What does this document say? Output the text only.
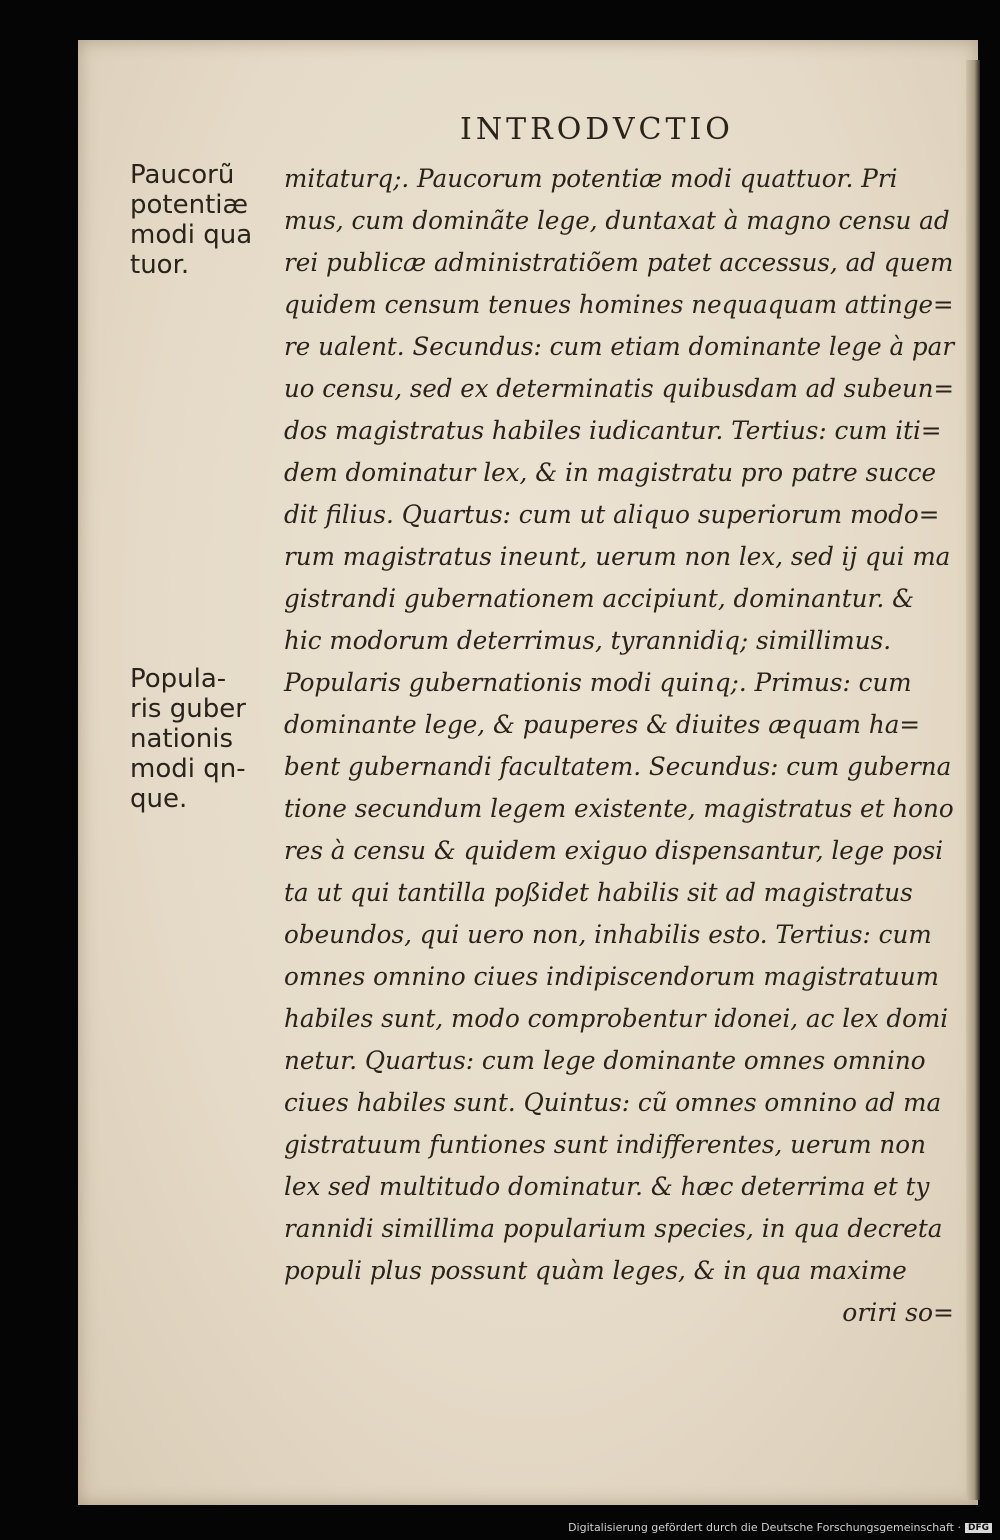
INTRODVCTIO
Paucorũ
potentiæ
modi qua
tuor.
Popula-
ris guber
nationis
modi qn-
que.
mitaturq;. Paucorum potentiæ modi quattuor. Pri
mus, cum dominãte lege, duntaxat à magno censu ad
rei publicæ administratiõem patet accessus, ad quem
quidem censum tenues homines nequaquam attinge=
re ualent. Secundus: cum etiam dominante lege à par
uo censu, sed ex determinatis quibusdam ad subeun=
dos magistratus habiles iudicantur. Tertius: cum iti=
dem dominatur lex, & in magistratu pro patre succe
dit filius. Quartus: cum ut aliquo superiorum modo=
rum magistratus ineunt, uerum non lex, sed ij qui ma
gistrandi gubernationem accipiunt, dominantur. &
hic modorum deterrimus, tyrannidiq; simillimus.
Popularis gubernationis modi quinq;. Primus: cum
dominante lege, & pauperes & diuites æquam ha=
bent gubernandi facultatem. Secundus: cum guberna
tione secundum legem existente, magistratus et hono
res à censu & quidem exiguo dispensantur, lege posi
ta ut qui tantilla poßidet habilis sit ad magistratus
obeundos, qui uero non, inhabilis esto. Tertius: cum
omnes omnino ciues indipiscendorum magistratuum
habiles sunt, modo comprobentur idonei, ac lex domi
netur. Quartus: cum lege dominante omnes omnino
ciues habiles sunt. Quintus: cũ omnes omnino ad ma
gistratuum funtiones sunt indifferentes, uerum non
lex sed multitudo dominatur. & hæc deterrima et ty
rannidi simillima popularium species, in qua decreta
populi plus possunt quàm leges, & in qua maxime
oriri so=
Digitalisierung gefördert durch die Deutsche Forschungsgemeinschaft · DFG
